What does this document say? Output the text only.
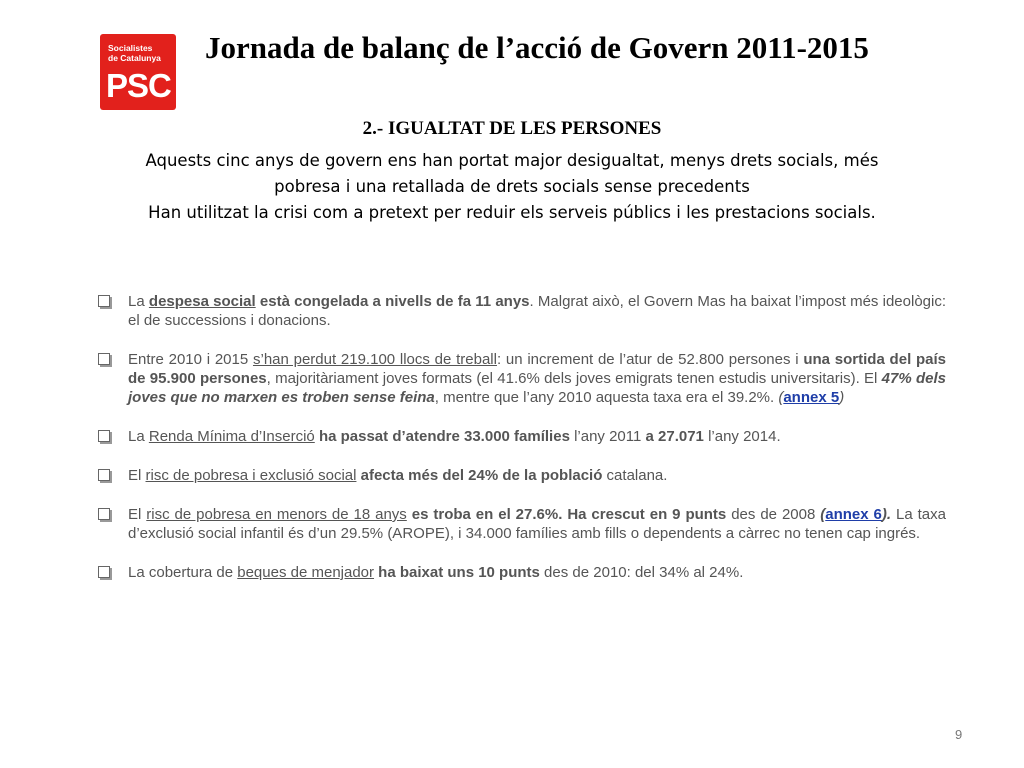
Socialistes
de Catalunya
PSC
Jornada de balanç de l’acció de Govern 2011-2015
2.- IGUALTAT DE LES PERSONES
Aquests cinc anys de govern ens han portat major desigualtat, menys drets socials, més
pobresa i una retallada de drets socials sense precedents
Han utilitzat la crisi com a pretext per reduir els serveis públics i les prestacions socials.
La despesa social està congelada a nivells de fa 11 anys. Malgrat això, el Govern Mas ha baixat l’impost més ideològic: el de successions i donacions.
Entre 2010 i 2015 s’han perdut 219.100 llocs de treball: un increment de l’atur de 52.800 persones i una sortida del país de 95.900 persones, majoritàriament joves formats (el 41.6% dels joves emigrats tenen estudis universitaris). El 47% dels joves que no marxen es troben sense feina, mentre que l’any 2010 aquesta taxa era el 39.2%. (annex 5)
La Renda Mínima d’Inserció ha passat d’atendre 33.000 famílies l’any 2011 a 27.071 l’any 2014.
El risc de pobresa i exclusió social afecta més del 24% de la població catalana.
El risc de pobresa en menors de 18 anys es troba en el 27.6%. Ha crescut en 9 punts des de 2008 (annex 6). La taxa d’exclusió social infantil és d’un 29.5% (AROPE), i 34.000 famílies amb fills o dependents a càrrec no tenen cap ingrés.
La cobertura de beques de menjador ha baixat uns 10 punts des de 2010: del 34% al 24%.
9
